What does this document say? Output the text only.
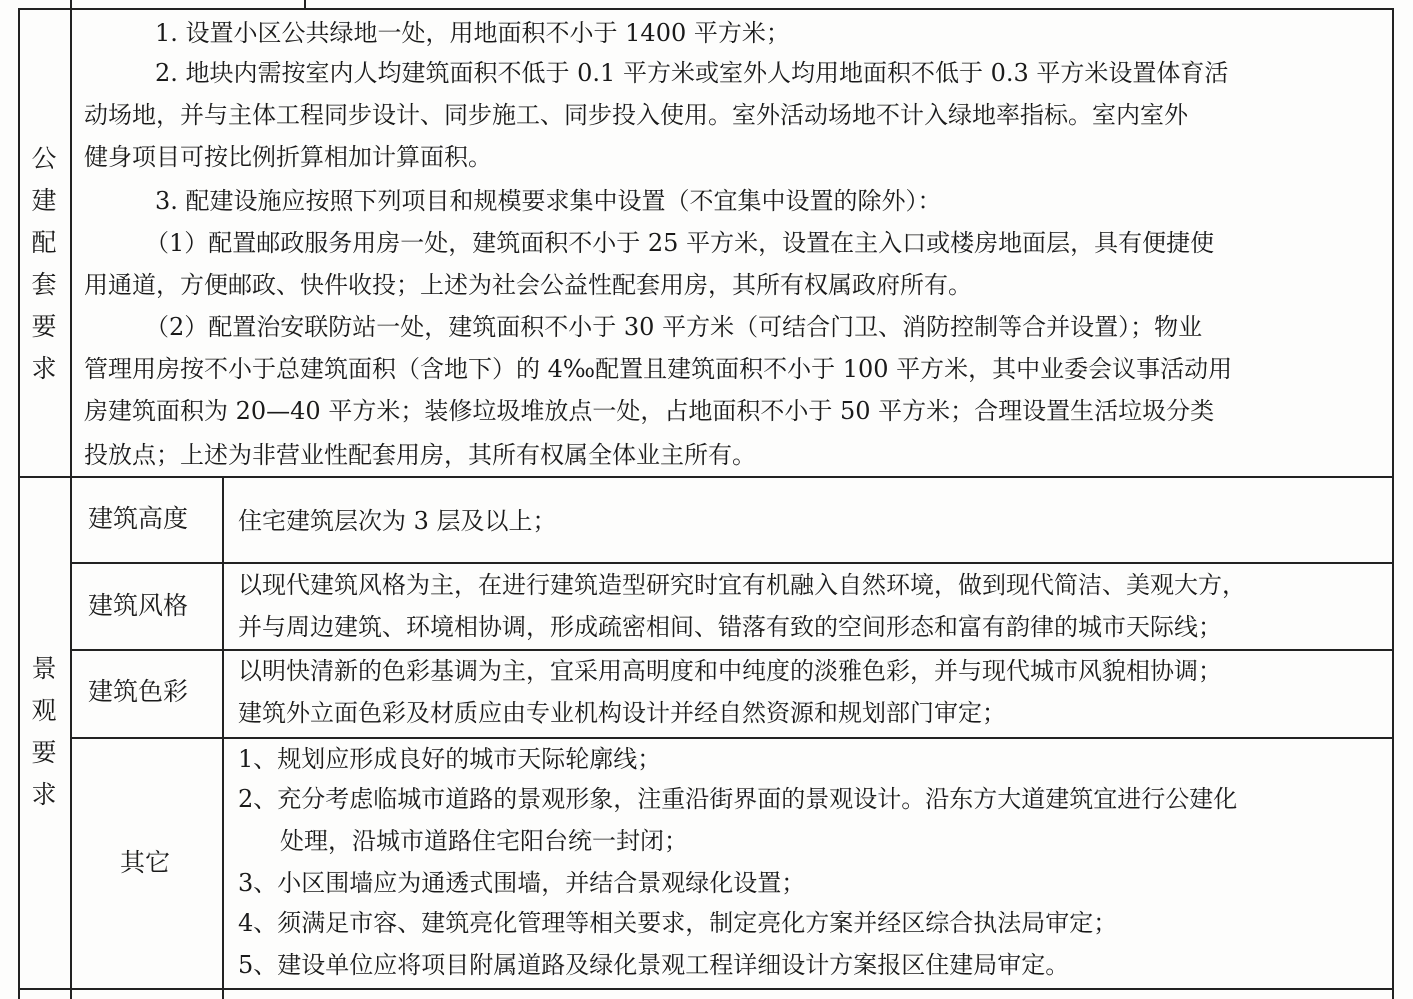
公
建
配
套
要
求
1. 设置小区公共绿地一处，用地面积不小于 1400 平方米；
2. 地块内需按室内人均建筑面积不低于 0.1 平方米或室外人均用地面积不低于 0.3 平方米设置体育活
动场地，并与主体工程同步设计、同步施工、同步投入使用。室外活动场地不计入绿地率指标。室内室外
健身项目可按比例折算相加计算面积。
3. 配建设施应按照下列项目和规模要求集中设置（不宜集中设置的除外）：
（1）配置邮政服务用房一处，建筑面积不小于 25 平方米，设置在主入口或楼房地面层，具有便捷使
用通道，方便邮政、快件收投；上述为社会公益性配套用房，其所有权属政府所有。
（2）配置治安联防站一处，建筑面积不小于 30 平方米（可结合门卫、消防控制等合并设置）；物业
管理用房按不小于总建筑面积（含地下）的 4‰配置且建筑面积不小于 100 平方米，其中业委会议事活动用
房建筑面积为 20—40 平方米；装修垃圾堆放点一处，占地面积不小于 50 平方米；合理设置生活垃圾分类
投放点；上述为非营业性配套用房，其所有权属全体业主所有。
景
观
要
求
建筑高度 住宅建筑层次为 3 层及以上；
建筑风格
以现代建筑风格为主，在进行建筑造型研究时宜有机融入自然环境，做到现代简洁、美观大方，
并与周边建筑、环境相协调，形成疏密相间、错落有致的空间形态和富有韵律的城市天际线；
建筑色彩
以明快清新的色彩基调为主，宜采用高明度和中纯度的淡雅色彩，并与现代城市风貌相协调；
建筑外立面色彩及材质应由专业机构设计并经自然资源和规划部门审定；
其它
1、规划应形成良好的城市天际轮廓线；
2、充分考虑临城市道路的景观形象，注重沿街界面的景观设计。沿东方大道建筑宜进行公建化
处理，沿城市道路住宅阳台统一封闭；
3、小区围墙应为通透式围墙，并结合景观绿化设置；
4、须满足市容、建筑亮化管理等相关要求，制定亮化方案并经区综合执法局审定；
5、建设单位应将项目附属道路及绿化景观工程详细设计方案报区住建局审定。
